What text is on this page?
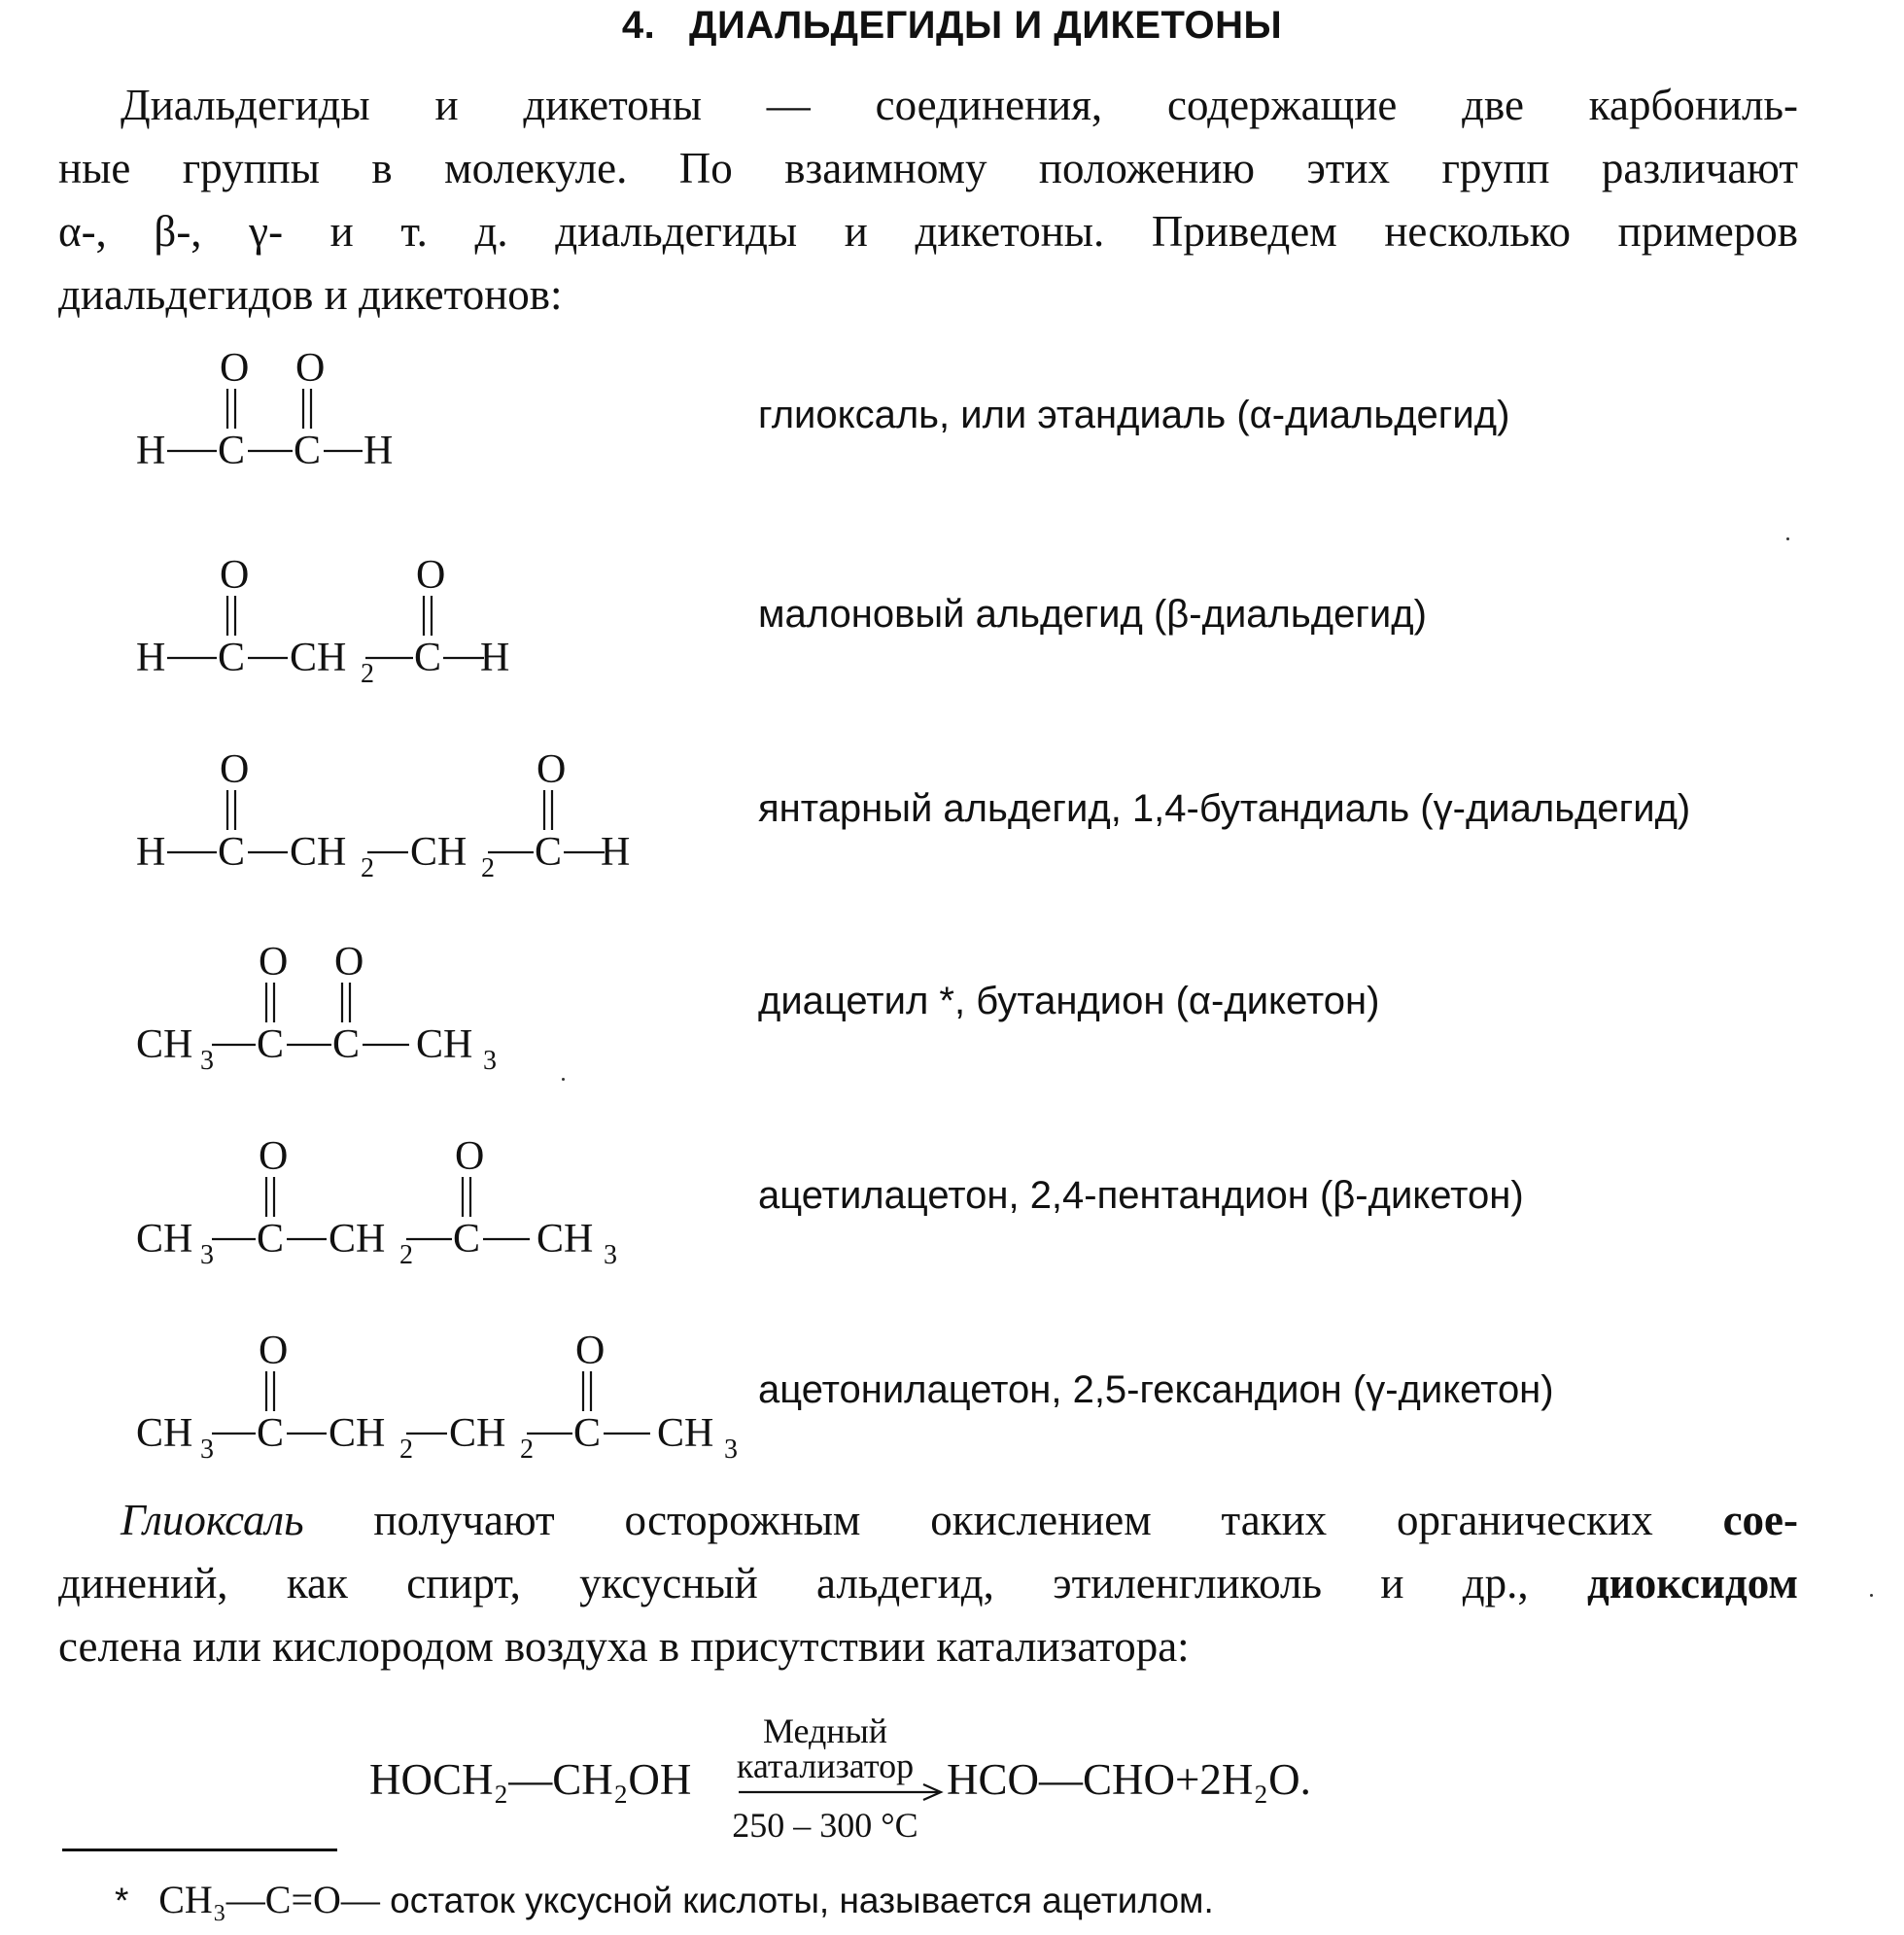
4. ДИАЛЬДЕГИДЫ И ДИКЕТОНЫ
Диальдегиды и дикетоны — соединения, содержащие две карбониль-
ные группы в молекуле. По взаимному положению этих групп различают
α-, β-, γ- и т. д. диальдегиды и дикетоны. Приведем несколько примеров
диальдегидов и дикетонов:
O O
H C C H
глиоксаль, или этандиаль (α-диальдегид)
O	O
H C CH 2 C H
малоновый альдегид (β-диальдегид)
O	O
H C CH 2 CH 2 C H
янтарный альдегид, 1,4-бутандиаль (γ-диальдегид)
O O
CH 3 C C CH 3
диацетил *, бутандион (α-дикетон)
O	O
CH 3 C CH 2 C CH 3
ацетилацетон, 2,4-пентандион (β-дикетон)
O	O
CH 3 C CH 2 CH 2 C CH 3
ацетонилацетон, 2,5-гександион (γ-дикетон)
Глиоксаль получают осторожным окислением таких органических сое-
динений, как спирт, уксусный альдегид, этиленгликоль и др., диоксидом
селена или кислородом воздуха в присутствии катализатора:
HOCH₂—CH₂OH
Медный
катализатор
250 – 300 °C
HCO—CHO+2H₂O.
* CH₃—C=O— остаток уксусной кислоты, называется ацетилом.
